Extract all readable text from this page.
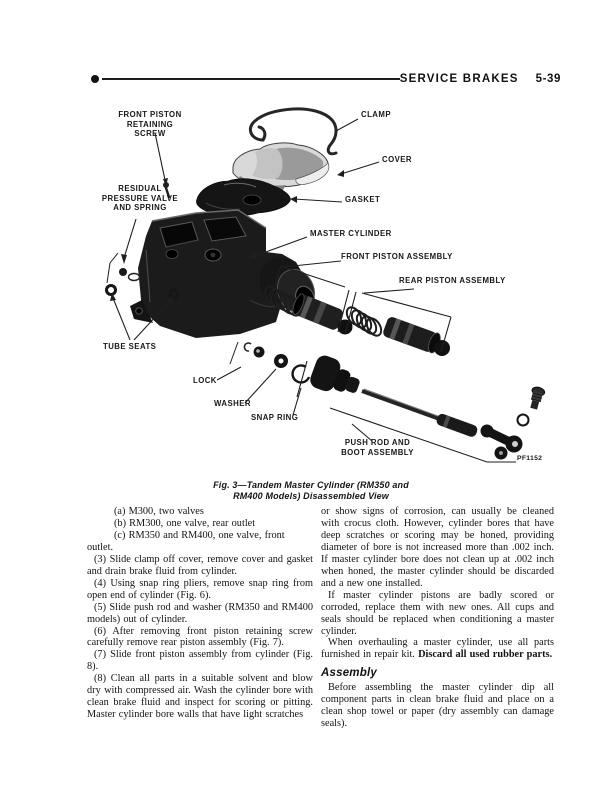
SERVICE BRAKES 5-39
FRONT PISTON
RETAINING SCREW
CLAMP
COVER
RESIDUAL
PRESSURE VALVE
AND SPRING
GASKET
MASTER CYLINDER
FRONT PISTON ASSEMBLY
REAR PISTON ASSEMBLY
TUBE SEATS
LOCK
WASHER
SNAP RING
PUSH ROD AND
BOOT ASSEMBLY
PF1152
Fig. 3—Tandem Master Cylinder (RM350 and
RM400 Models) Disassembled View
(a) M300, two valves
(b) RM300, one valve, rear outlet
(c) RM350 and RM400, one valve, front outlet.
(3) Slide clamp off cover, remove cover and gasket and drain brake fluid from cylinder.
(4) Using snap ring pliers, remove snap ring from open end of cylinder (Fig. 6).
(5) Slide push rod and washer (RM350 and RM400 models) out of cylinder.
(6) After removing front piston retaining screw carefully remove rear piston assembly (Fig. 7).
(7) Slide front piston assembly from cylinder (Fig. 8).
(8) Clean all parts in a suitable solvent and blow dry with compressed air. Wash the cylinder bore with clean brake fluid and inspect for scoring or pitting. Master cylinder bore walls that have light scratches
or show signs of corrosion, can usually be cleaned with crocus cloth. However, cylinder bores that have deep scratches or scoring may be honed, providing diameter of bore is not increased more than .002 inch. If master cylinder bore does not clean up at .002 inch when honed, the master cylinder should be discarded and a new one installed.
If master cylinder pistons are badly scored or corroded, replace them with new ones. All cups and seals should be replaced when conditioning a master cylinder.
When overhauling a master cylinder, use all parts furnished in repair kit. Discard all used rubber parts.
Assembly
Before assembling the master cylinder dip all component parts in clean brake fluid and place on a clean shop towel or paper (dry assembly can damage seals).
